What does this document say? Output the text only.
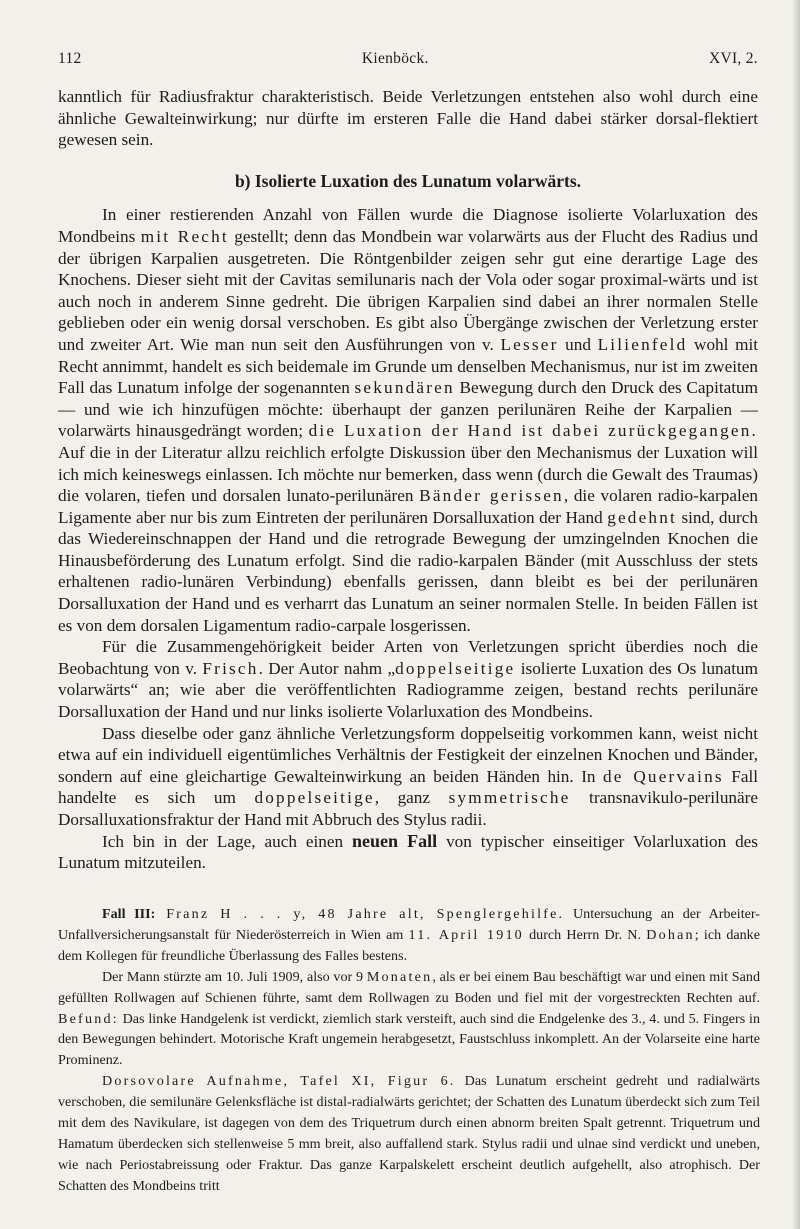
112	Kienböck.	XVI, 2.

kanntlich für Radiusfraktur charakteristisch. Beide Verletzungen entstehen also wohl durch eine ähnliche Gewalteinwirkung; nur dürfte im ersteren Falle die Hand dabei stärker dorsal-flektiert gewesen sein.

b) Isolierte Luxation des Lunatum volarwärts.

In einer restierenden Anzahl von Fällen wurde die Diagnose isolierte Volarluxation des Mondbeins mit Recht gestellt; denn das Mondbein war volarwärts aus der Flucht des Radius und der übrigen Karpalien ausgetreten. Die Röntgenbilder zeigen sehr gut eine derartige Lage des Knochens. Dieser sieht mit der Cavitas semilunaris nach der Vola oder sogar proximal-wärts und ist auch noch in anderem Sinne gedreht. Die übrigen Karpalien sind dabei an ihrer normalen Stelle geblieben oder ein wenig dorsal verschoben. Es gibt also Übergänge zwischen der Verletzung erster und zweiter Art. Wie man nun seit den Ausführungen von v. Lesser und Lilienfeld wohl mit Recht annimmt, handelt es sich beidemale im Grunde um denselben Mechanismus, nur ist im zweiten Fall das Lunatum infolge der sogenannten sekundären Bewegung durch den Druck des Capitatum — und wie ich hinzufügen möchte: überhaupt der ganzen perilunären Reihe der Karpalien — volarwärts hinausgedrängt worden; die Luxation der Hand ist dabei zurückgegangen. Auf die in der Literatur allzu reichlich erfolgte Diskussion über den Mechanismus der Luxation will ich mich keineswegs einlassen. Ich möchte nur bemerken, dass wenn (durch die Gewalt des Traumas) die volaren, tiefen und dorsalen lunato-perilunären Bänder gerissen, die volaren radio-karpalen Ligamente aber nur bis zum Eintreten der perilunären Dorsalluxation der Hand gedehnt sind, durch das Wiedereinschnappen der Hand und die retrograde Bewegung der umzingelnden Knochen die Hinausbeförderung des Lunatum erfolgt. Sind die radio-karpalen Bänder (mit Ausschluss der stets erhaltenen radio-lunären Verbindung) ebenfalls gerissen, dann bleibt es bei der perilunären Dorsalluxation der Hand und es verharrt das Lunatum an seiner normalen Stelle. In beiden Fällen ist es von dem dorsalen Ligamentum radio-carpale losgerissen.

Für die Zusammengehörigkeit beider Arten von Verletzungen spricht überdies noch die Beobachtung von v. Frisch. Der Autor nahm „doppelseitige isolierte Luxation des Os lunatum volarwärts“ an; wie aber die veröffentlichten Radiogramme zeigen, bestand rechts perilunäre Dorsalluxation der Hand und nur links isolierte Volarluxation des Mondbeins.

Dass dieselbe oder ganz ähnliche Verletzungsform doppelseitig vorkommen kann, weist nicht etwa auf ein individuell eigentümliches Verhältnis der Festigkeit der einzelnen Knochen und Bänder, sondern auf eine gleichartige Gewalteinwirkung an beiden Händen hin. In de Quervains Fall handelte es sich um doppelseitige, ganz symmetrische transnavikulo-perilunäre Dorsalluxationsfraktur der Hand mit Abbruch des Stylus radii.

Ich bin in der Lage, auch einen neuen Fall von typischer einseitiger Volarluxation des Lunatum mitzuteilen.

Fall III: Franz H . . . y, 48 Jahre alt, Spenglergehilfe. Untersuchung an der Arbeiter-Unfallversicherungsanstalt für Niederösterreich in Wien am 11. April 1910 durch Herrn Dr. N. Dohan; ich danke dem Kollegen für freundliche Überlassung des Falles bestens.

Der Mann stürzte am 10. Juli 1909, also vor 9 Monaten, als er bei einem Bau beschäftigt war und einen mit Sand gefüllten Rollwagen auf Schienen führte, samt dem Rollwagen zu Boden und fiel mit der vorgestreckten Rechten auf. Befund: Das linke Handgelenk ist verdickt, ziemlich stark versteift, auch sind die Endgelenke des 3., 4. und 5. Fingers in den Bewegungen behindert. Motorische Kraft ungemein herabgesetzt, Faustschluss inkomplett. An der Volarseite eine harte Prominenz.

Dorsovolare Aufnahme, Tafel XI, Figur 6. Das Lunatum erscheint gedreht und radialwärts verschoben, die semilunäre Gelenksfläche ist distal-radialwärts gerichtet; der Schatten des Lunatum überdeckt sich zum Teil mit dem des Navikulare, ist dagegen von dem des Triquetrum durch einen abnorm breiten Spalt getrennt. Triquetrum und Hamatum überdecken sich stellenweise 5 mm breit, also auffallend stark. Stylus radii und ulnae sind verdickt und uneben, wie nach Periostabreissung oder Fraktur. Das ganze Karpalskelett erscheint deutlich aufgehellt, also atrophisch. Der Schatten des Mondbeins tritt
